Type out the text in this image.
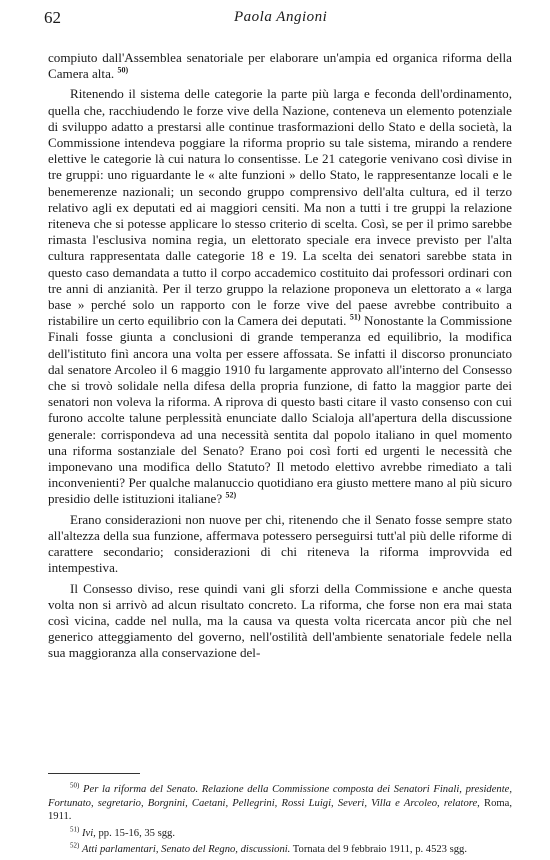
62	Paola Angioni

compiuto dall'Assemblea senatoriale per elaborare un'ampia ed organica riforma della Camera alta. $^{50)}$

Ritenendo il sistema delle categorie la parte più larga e feconda dell'ordinamento, quella che, racchiudendo le forze vive della Nazione, conteneva un elemento potenziale di sviluppo adatto a prestarsi alle continue trasformazioni dello Stato e della società, la Commissione intendeva poggiare la riforma proprio su tale sistema, mirando a rendere elettive le categorie là cui natura lo consentisse. Le 21 categorie venivano così divise in tre gruppi: uno riguardante le « alte funzioni » dello Stato, le rappresentanze locali e le benemerenze nazionali; un secondo gruppo comprensivo dell'alta cultura, ed il terzo relativo agli ex deputati ed ai maggiori censiti. Ma non a tutti i tre gruppi la relazione riteneva che si potesse applicare lo stesso criterio di scelta. Così, se per il primo sarebbe rimasta l'esclusiva nomina regia, un elettorato speciale era invece previsto per l'alta cultura rappresentata dalle categorie 18 e 19. La scelta dei senatori sarebbe stata in questo caso demandata a tutto il corpo accademico costituito dai professori ordinari con tre anni di anzianità. Per il terzo gruppo la relazione proponeva un elettorato a « larga base » perché solo un rapporto con le forze vive del paese avrebbe contribuito a ristabilire un certo equilibrio con la Camera dei deputati. $^{51)}$ Nonostante la Commissione Finali fosse giunta a conclusioni di grande temperanza ed equilibrio, la modifica dell'istituto finì ancora una volta per essere affossata. Se infatti il discorso pronunciato dal senatore Arcoleo il 6 maggio 1910 fu largamente approvato all'interno del Consesso che si trovò solidale nella difesa della propria funzione, di fatto la maggior parte dei senatori non voleva la riforma. A riprova di questo basti citare il vasto consenso con cui furono accolte talune perplessità enunciate dallo Scialoja all'apertura della discussione generale: corrispondeva ad una necessità sentita dal popolo italiano in quel momento una riforma sostanziale del Senato? Erano poi così forti ed urgenti le necessità che imponevano una modifica dello Statuto? Il metodo elettivo avrebbe rimediato a tali inconvenienti? Per qualche malanuccio quotidiano era giusto mettere mano al più sicuro presidio delle istituzioni italiane? $^{52)}$

Erano considerazioni non nuove per chi, ritenendo che il Senato fosse sempre stato all'altezza della sua funzione, affermava potessero perseguirsi tutt'al più delle riforme di carattere secondario; considerazioni di chi riteneva la riforma improvvida ed intempestiva.

Il Consesso diviso, rese quindi vani gli sforzi della Commissione e anche questa volta non si arrivò ad alcun risultato concreto. La riforma, che forse non era mai stata così vicina, cadde nel nulla, ma la causa va questa volta ricercata ancor più che nel generico atteggiamento del governo, nell'ostilità dell'ambiente senatoriale fedele nella sua maggioranza alla conservazione del-

$^{50)}$ Per la riforma del Senato. Relazione della Commissione composta dei Senatori Finali, presidente, Fortunato, segretario, Borgnini, Caetani, Pellegrini, Rossi Luigi, Severi, Villa e Arcoleo, relatore, Roma, 1911.

$^{51)}$ Ivi, pp. 15-16, 35 sgg.

$^{52)}$ Atti parlamentari, Senato del Regno, discussioni. Tornata del 9 febbraio 1911, p. 4523 sgg.
